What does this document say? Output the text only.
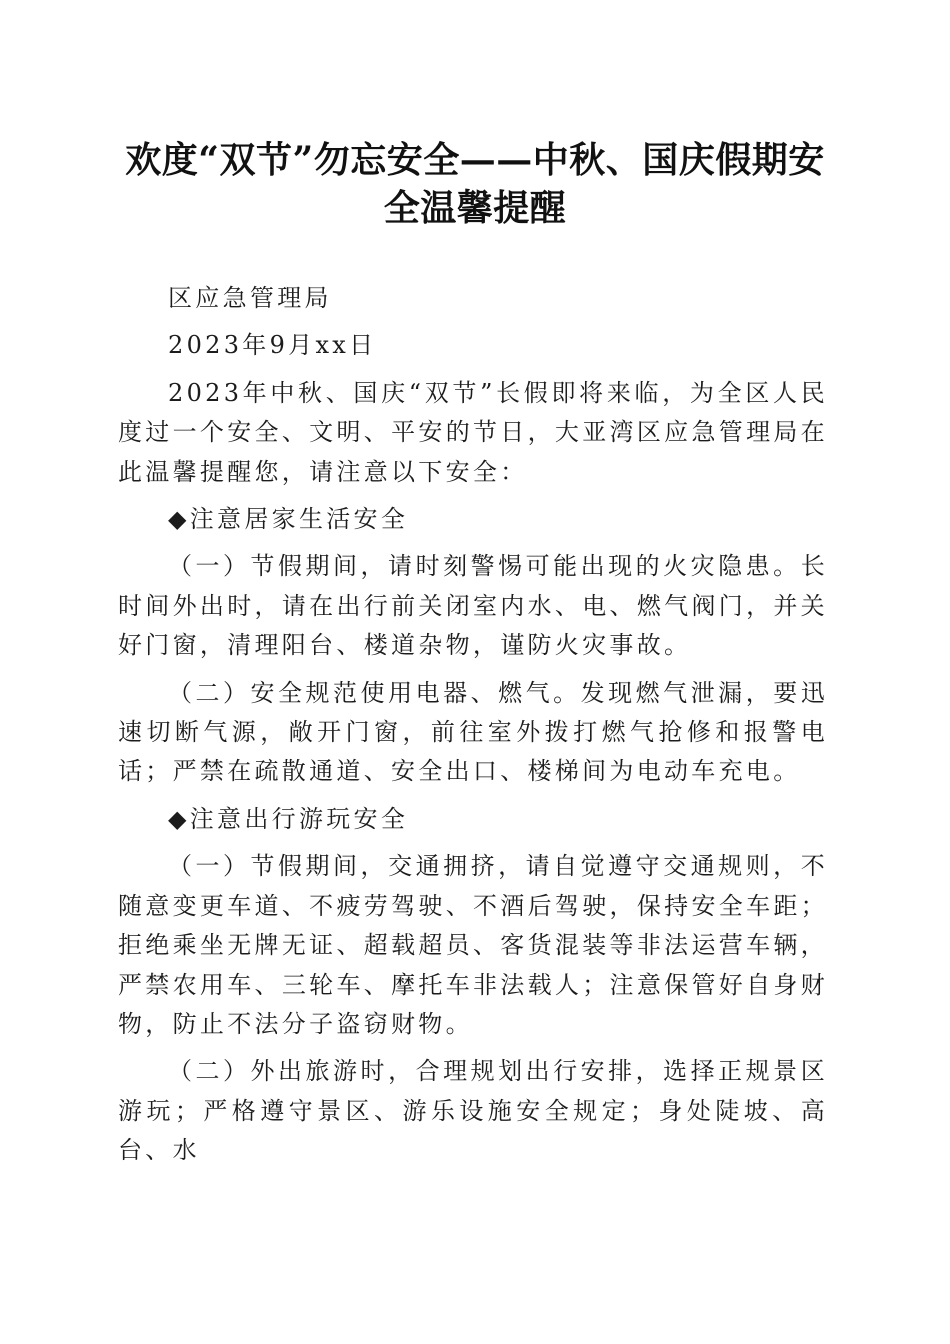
欢度“双节”勿忘安全——中秋、国庆假期安全温馨提醒

区应急管理局

2023年9月xx日

2023年中秋、国庆“双节”长假即将来临，为全区人民度过一个安全、文明、平安的节日，大亚湾区应急管理局在此温馨提醒您，请注意以下安全：

◆注意居家生活安全

（一）节假期间，请时刻警惕可能出现的火灾隐患。长时间外出时，请在出行前关闭室内水、电、燃气阀门，并关好门窗，清理阳台、楼道杂物，谨防火灾事故。

（二）安全规范使用电器、燃气。发现燃气泄漏，要迅速切断气源，敞开门窗，前往室外拨打燃气抢修和报警电话；严禁在疏散通道、安全出口、楼梯间为电动车充电。

◆注意出行游玩安全

（一）节假期间，交通拥挤，请自觉遵守交通规则，不随意变更车道、不疲劳驾驶、不酒后驾驶，保持安全车距；拒绝乘坐无牌无证、超载超员、客货混装等非法运营车辆，严禁农用车、三轮车、摩托车非法载人；注意保管好自身财物，防止不法分子盗窃财物。

（二）外出旅游时，合理规划出行安排，选择正规景区游玩；严格遵守景区、游乐设施安全规定；身处陡坡、高台、水
